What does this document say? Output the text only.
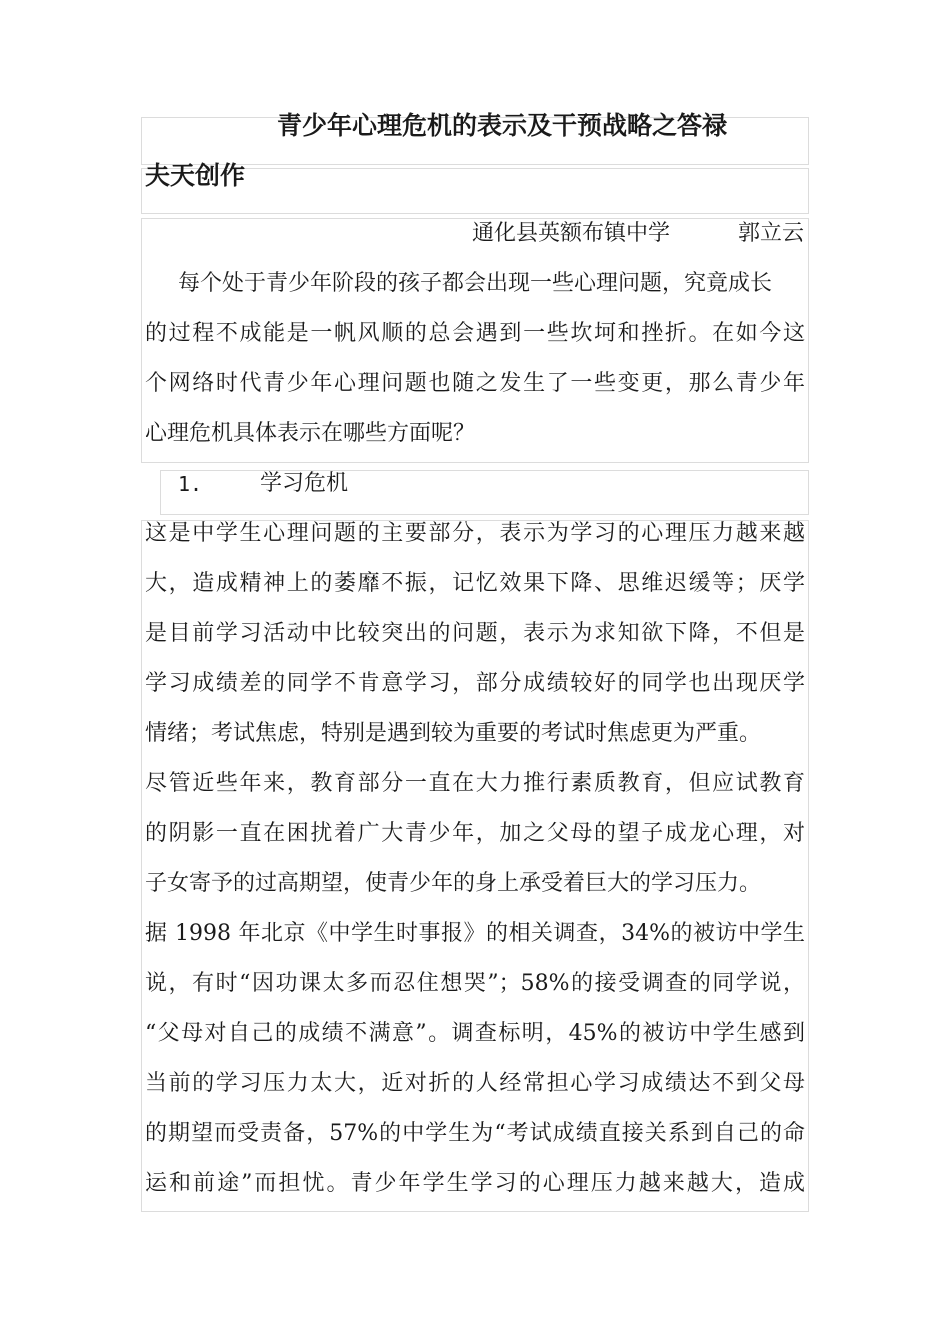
青少年心理危机的表示及干预战略之答禄
夫天创作
通化县英额布镇中学	郭立云
每个处于青少年阶段的孩子都会出现一些心理问题，究竟成长
的过程不成能是一帆风顺的总会遇到一些坎坷和挫折。在如今这
个网络时代青少年心理问题也随之发生了一些变更，那么青少年
心理危机具体表示在哪些方面呢？
1.	学习危机
这是中学生心理问题的主要部分，表示为学习的心理压力越来越
大，造成精神上的萎靡不振，记忆效果下降、思维迟缓等；厌学
是目前学习活动中比较突出的问题，表示为求知欲下降，不但是
学习成绩差的同学不肯意学习，部分成绩较好的同学也出现厌学
情绪；考试焦虑，特别是遇到较为重要的考试时焦虑更为严重。
尽管近些年来，教育部分一直在大力推行素质教育，但应试教育
的阴影一直在困扰着广大青少年，加之父母的望子成龙心理，对
子女寄予的过高期望，使青少年的身上承受着巨大的学习压力。
据 1998 年北京《中学生时事报》的相关调查，34%的被访中学生
说，有时“因功课太多而忍住想哭”；58%的接受调查的同学说，
“父母对自己的成绩不满意”。调查标明，45%的被访中学生感到
当前的学习压力太大，近对折的人经常担心学习成绩达不到父母
的期望而受责备，57%的中学生为“考试成绩直接关系到自己的命
运和前途”而担忧。青少年学生学习的心理压力越来越大，造成
